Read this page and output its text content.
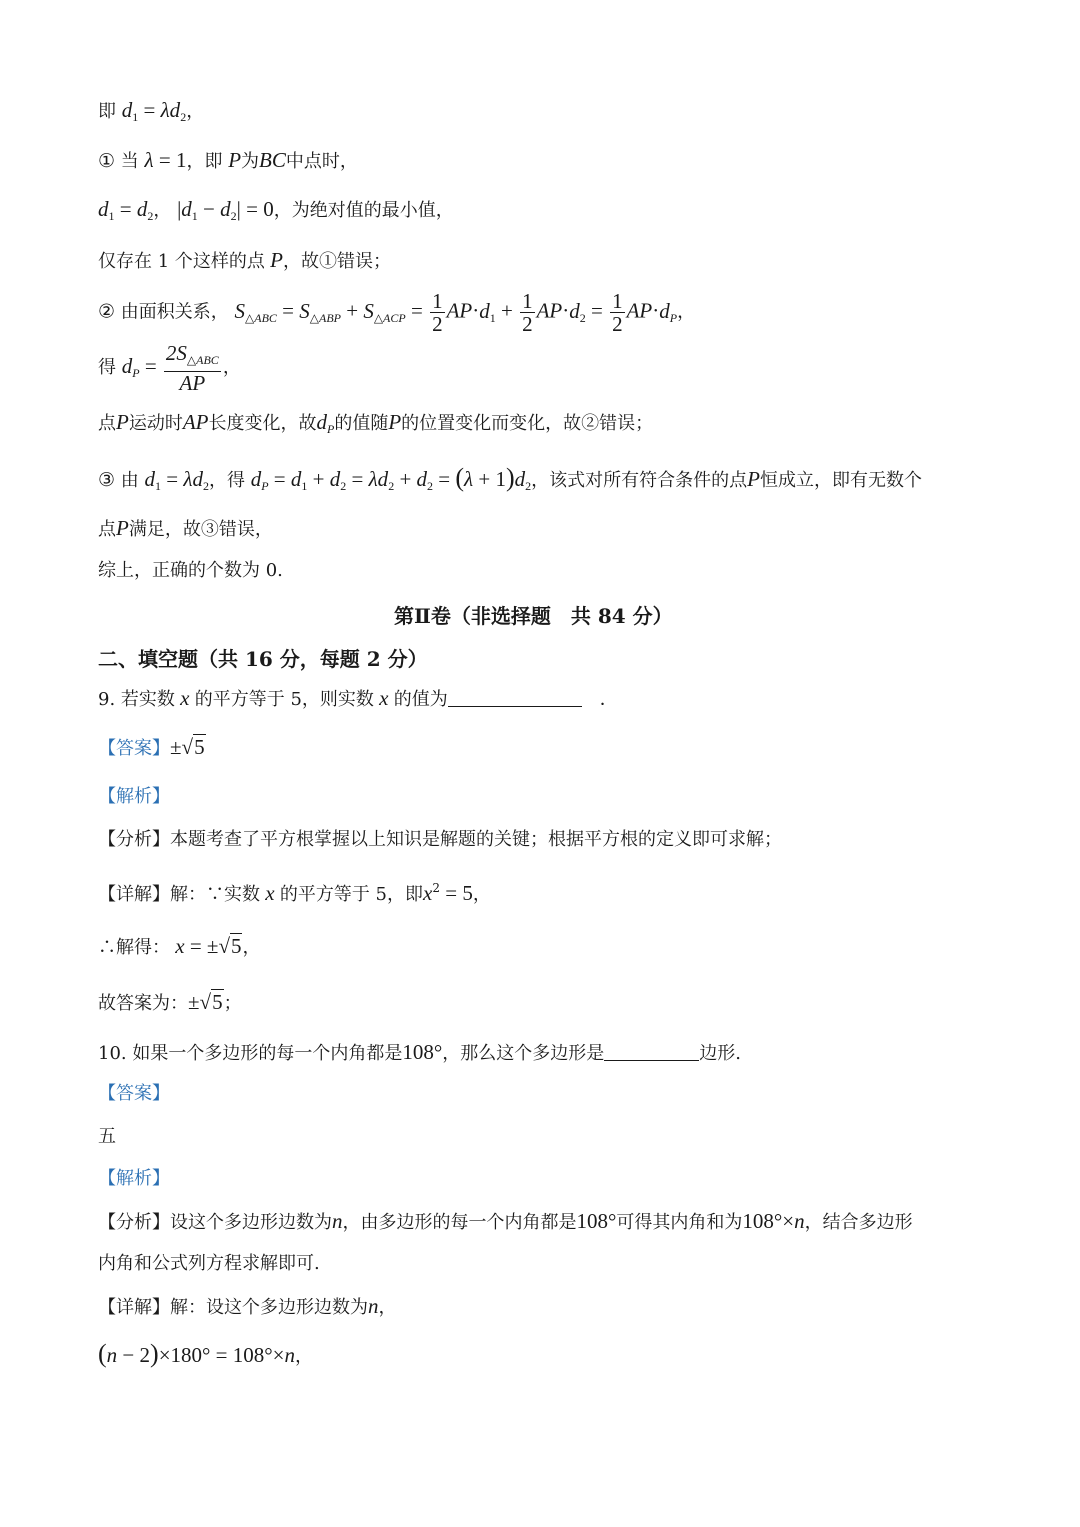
即 $d_1 = \lambda d_2$，
① 当 λ = 1，即 P为BC中点时，
$d_1 = d_2$， $|d_1 - d_2| = 0$，为绝对值的最小值，
仅存在 1 个这样的点 P，故①错误；
② 由面积关系， $S_{\triangle ABC} = S_{\triangle ABP} + S_{\triangle ACP} = \frac{1}{2} AP\cdot d_1 + \frac{1}{2} AP\cdot d_2 = \frac{1}{2} AP\cdot d_P$，
得 $d_P = \frac{2S_{\triangle ABC}}{AP}$ ，
点P运动时AP长度变化，故$d_P$的值随P的位置变化而变化，故②错误；
③ 由 $d_1 = \lambda d_2$，得 $d_P = d_1 + d_2 = \lambda d_2 + d_2 = (\lambda + 1)d_2$，该式对所有符合条件的点P恒成立，即有无数个
点P满足，故③错误，
综上，正确的个数为 0.
第Ⅱ卷（非选择题　共 84 分）
二、填空题（共 16 分，每题 2 分）
9. 若实数 x 的平方等于 5，则实数 x 的值为　	．
【答案】±√5
【解析】
【分析】本题考查了平方根掌握以上知识是解题的关键；根据平方根的定义即可求解；
【详解】解：∵实数 x 的平方等于 5，即$x^2 = 5$，
∴解得： x = ±√5，
故答案为：±√5；
10. 如果一个多边形的每一个内角都是108°，那么这个多边形是	边形.
【答案】
五
【解析】
【分析】设这个多边形边数为n，由多边形的每一个内角都是108°可得其内角和为108°×n，结合多边形
内角和公式列方程求解即可.
【详解】解：设这个多边形边数为n，
(n − 2)×180° = 108°×n，
